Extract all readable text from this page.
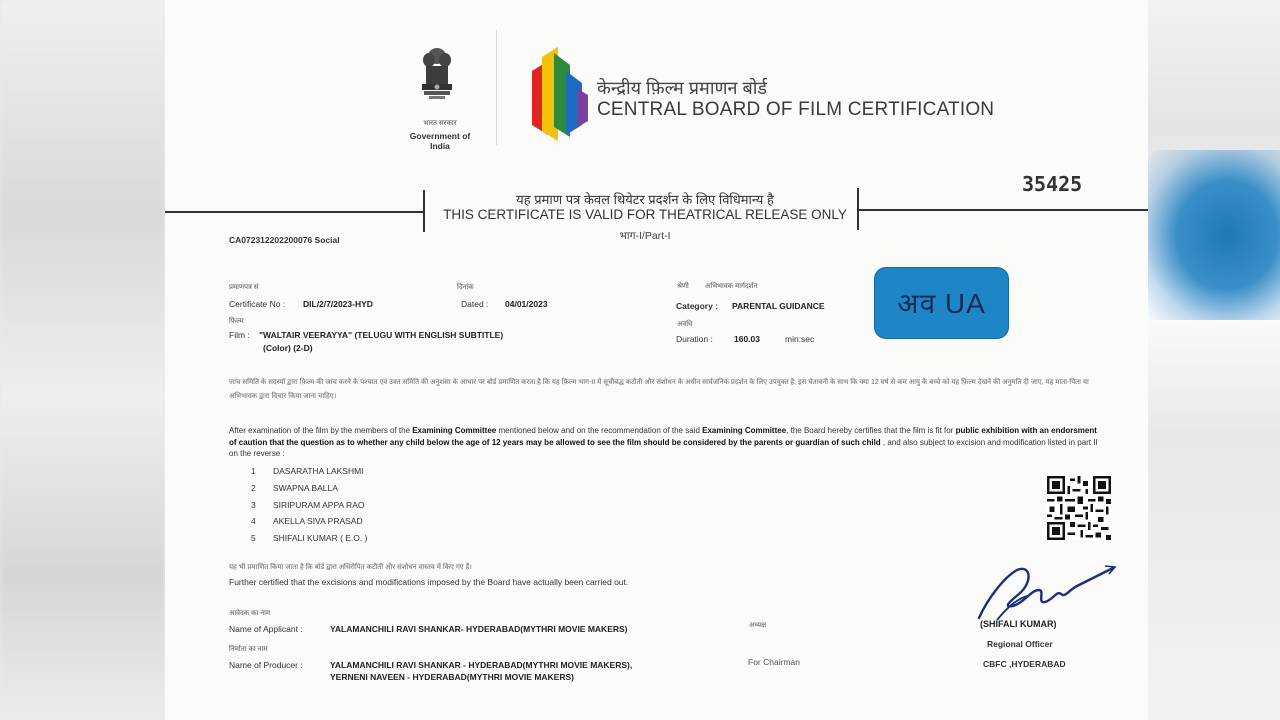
भारत सरकार
Government of India
केन्द्रीय फ़िल्म प्रमाणन बोर्ड
CENTRAL BOARD OF FILM CERTIFICATION
35425
यह प्रमाण पत्र केवल थियेटर प्रदर्शन के लिए विधिमान्य है
THIS CERTIFICATE IS VALID FOR THEATRICAL RELEASE ONLY
भाग-I/Part-I
CA072312202200076 Social
प्रमाणपत्र सं
Certificate No : DIL/2/7/2023-HYD
दिनांक
Dated : 04/01/2023
फ़िल्म
Film : "WALTAIR VEERAYYA" (TELUGU WITH ENGLISH SUBTITLE)
(Color) (2-D)
श्रेणी अभिभावक मार्गदर्शन
Category : PARENTAL GUIDANCE
अवधि
Duration : 160.03	min:sec
अव UA
जांच समिति के सदस्यों द्वारा फ़िल्म की जांच करने के पश्चात एवं उक्त समिति की अनुशंसा के आधार पर बोर्ड प्रमाणित करता है कि यह फ़िल्म भाग-II में सूचीबद्ध कटौती और संशोधन के अधीन सार्वजनिक प्रदर्शन के लिए उपयुक्त है, इस चेतावनी के साथ कि क्या 12 वर्ष से कम आयु के बच्चे को यह फ़िल्म देखने की अनुमति दी जाए, यह माता-पिता या अभिभावक द्वारा विचार किया जाना चाहिए।
After examination of the film by the members of the Examining Committee mentioned below and on the recommendation of the said Examining Committee, the Board hereby certifies that the film is fit for public exhibition with an endorsment of caution that the question as to whether any child below the age of 12 years may be allowed to see the film should be considered by the parents or guardian of such child , and also subject to excision and modification listed in part II on the reverse :
1 DASARATHA LAKSHMI
2 SWAPNA BALLA
3 SIRIPURAM APPA RAO
4 AKELLA SIVA PRASAD
5 SHIFALI KUMAR ( E.O. )
यह भी प्रमाणित किया जाता है कि बोर्ड द्वारा अधिरोपित कटौती और संशोधन वास्तव में किए गए हैं।
Further certified that the excisions and modifications imposed by the Board have actually been carried out.
आवेदक का नाम
Name of Applicant :	YALAMANCHILI RAVI SHANKAR- HYDERABAD(MYTHRI MOVIE MAKERS)
निर्माता का नाम
Name of Producer :	YALAMANCHILI RAVI SHANKAR - HYDERABAD(MYTHRI MOVIE MAKERS),
YERNENI NAVEEN - HYDERABAD(MYTHRI MOVIE MAKERS)
अध्यक्ष
For Chairman
(SHIFALI KUMAR)
Regional Officer
CBFC ,HYDERABAD
